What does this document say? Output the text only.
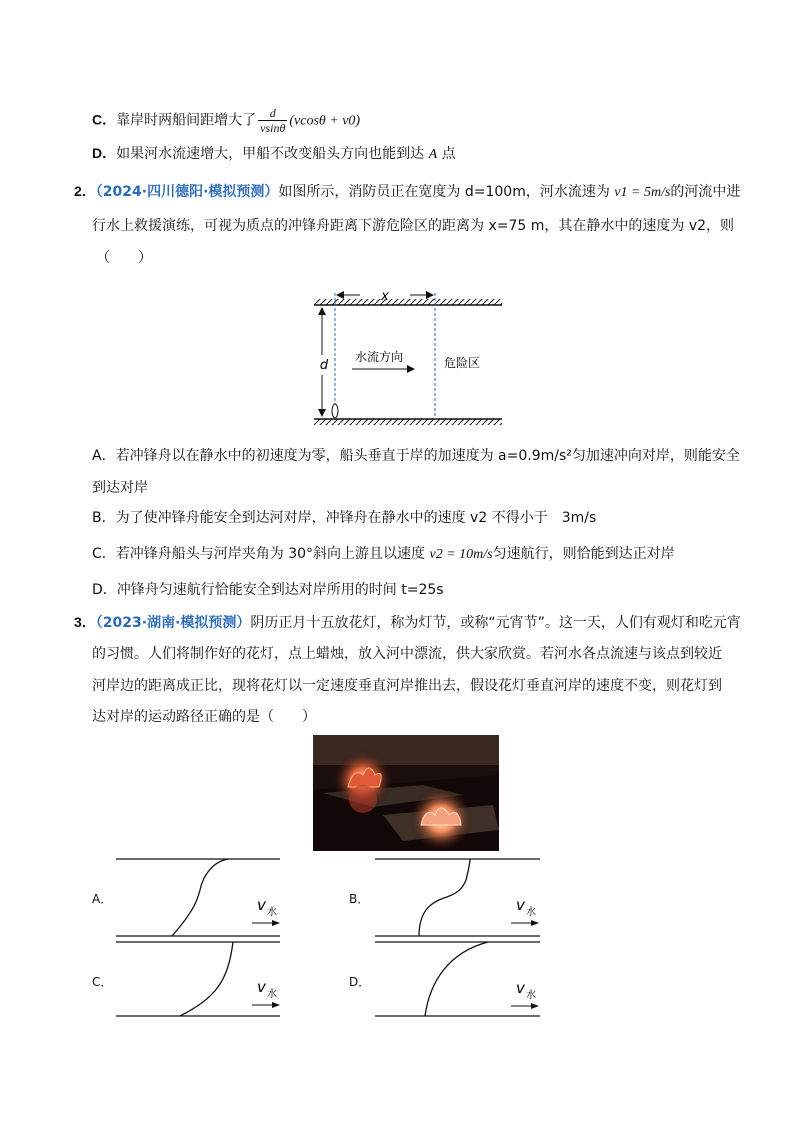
C．靠岸时两船间距增大了 $\frac{d}{vsin\theta} (vcos\theta + v0)$
D．如果河水流速增大，甲船不改变船头方向也能到达 A 点
2．（2024·四川德阳·模拟预测）如图所示，消防员正在宽度为 d=100m，河水流速为 v1 = 5m/s的河流中进
行水上救援演练，可视为质点的冲锋舟距离下游危险区的距离为 x=75 m，其在静水中的速度为 v2，则
（　　）
x
d
水流方向	危险区
A．若冲锋舟以在静水中的初速度为零，船头垂直于岸的加速度为 a=0.9m/s²匀加速冲向对岸，则能安全
到达对岸
B．为了使冲锋舟能安全到达河对岸，冲锋舟在静水中的速度 v2 不得小于　3m/s
C．若冲锋舟船头与河岸夹角为 30°斜向上游且以速度 v2 = 10m/s匀速航行，则恰能到达正对岸
D．冲锋舟匀速航行恰能安全到达对岸所用的时间 t=25s
3．（2023·湖南·模拟预测）阴历正月十五放花灯，称为灯节，或称“元宵节”。这一天，人们有观灯和吃元宵
的习惯。人们将制作好的花灯，点上蜡烛，放入河中漂流，供大家欣赏。若河水各点流速与该点到较近
河岸边的距离成正比，现将花灯以一定速度垂直河岸推出去，假设花灯垂直河岸的速度不变，则花灯到
达对岸的运动路径正确的是（　　）
A．	B．
C．	D．
v 水	v 水
v 水	v 水
